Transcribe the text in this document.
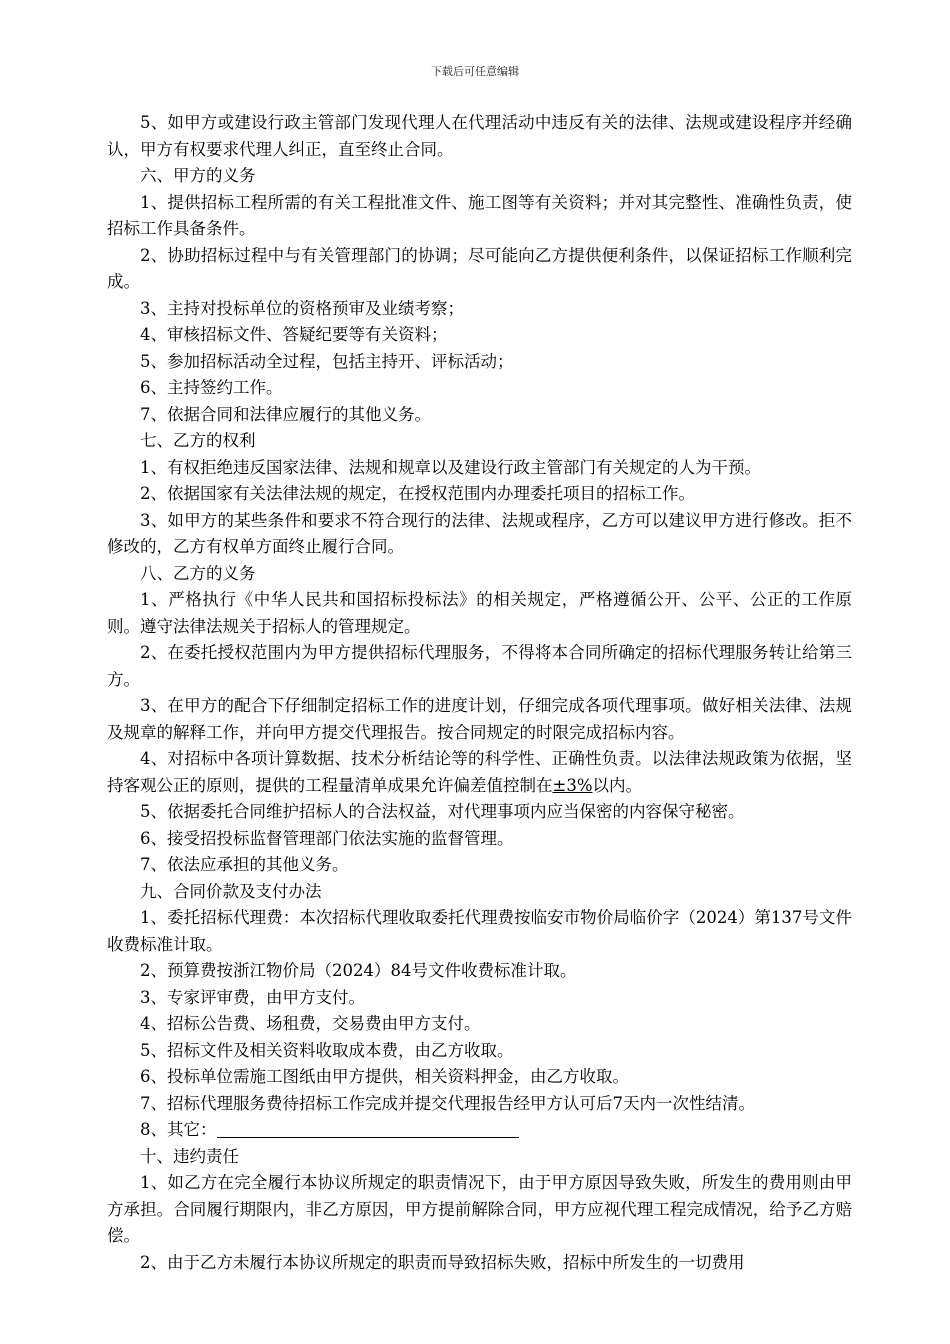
下载后可任意编辑

5、如甲方或建设行政主管部门发现代理人在代理活动中违反有关的法律、法规或建设程序并经确认，甲方有权要求代理人纠正，直至终止合同。

六、甲方的义务

1、提供招标工程所需的有关工程批准文件、施工图等有关资料；并对其完整性、准确性负责，使招标工作具备条件。

2、协助招标过程中与有关管理部门的协调；尽可能向乙方提供便利条件，以保证招标工作顺利完成。

3、主持对投标单位的资格预审及业绩考察；

4、审核招标文件、答疑纪要等有关资料；

5、参加招标活动全过程，包括主持开、评标活动；

6、主持签约工作。

7、依据合同和法律应履行的其他义务。

七、乙方的权利

1、有权拒绝违反国家法律、法规和规章以及建设行政主管部门有关规定的人为干预。

2、依据国家有关法律法规的规定，在授权范围内办理委托项目的招标工作。

3、如甲方的某些条件和要求不符合现行的法律、法规或程序，乙方可以建议甲方进行修改。拒不修改的，乙方有权单方面终止履行合同。

八、乙方的义务

1、严格执行《中华人民共和国招标投标法》的相关规定，严格遵循公开、公平、公正的工作原则。遵守法律法规关于招标人的管理规定。

2、在委托授权范围内为甲方提供招标代理服务，不得将本合同所确定的招标代理服务转让给第三方。

3、在甲方的配合下仔细制定招标工作的进度计划，仔细完成各项代理事项。做好相关法律、法规及规章的解释工作，并向甲方提交代理报告。按合同规定的时限完成招标内容。

4、对招标中各项计算数据、技术分析结论等的科学性、正确性负责。以法律法规政策为依据，坚持客观公正的原则，提供的工程量清单成果允许偏差值控制在±3%以内。

5、依据委托合同维护招标人的合法权益，对代理事项内应当保密的内容保守秘密。

6、接受招投标监督管理部门依法实施的监督管理。

7、依法应承担的其他义务。

九、合同价款及支付办法

1、委托招标代理费：本次招标代理收取委托代理费按临安市物价局临价字（2024）第137号文件收费标准计取。

2、预算费按浙江物价局（2024）84号文件收费标准计取。

3、专家评审费，由甲方支付。

4、招标公告费、场租费，交易费由甲方支付。

5、招标文件及相关资料收取成本费，由乙方收取。

6、投标单位需施工图纸由甲方提供，相关资料押金，由乙方收取。

7、招标代理服务费待招标工作完成并提交代理报告经甲方认可后7天内一次性结清。

8、其它：

十、违约责任

1、如乙方在完全履行本协议所规定的职责情况下，由于甲方原因导致失败，所发生的费用则由甲方承担。合同履行期限内，非乙方原因，甲方提前解除合同，甲方应视代理工程完成情况，给予乙方赔偿。

2、由于乙方未履行本协议所规定的职责而导致招标失败，招标中所发生的一切费用
